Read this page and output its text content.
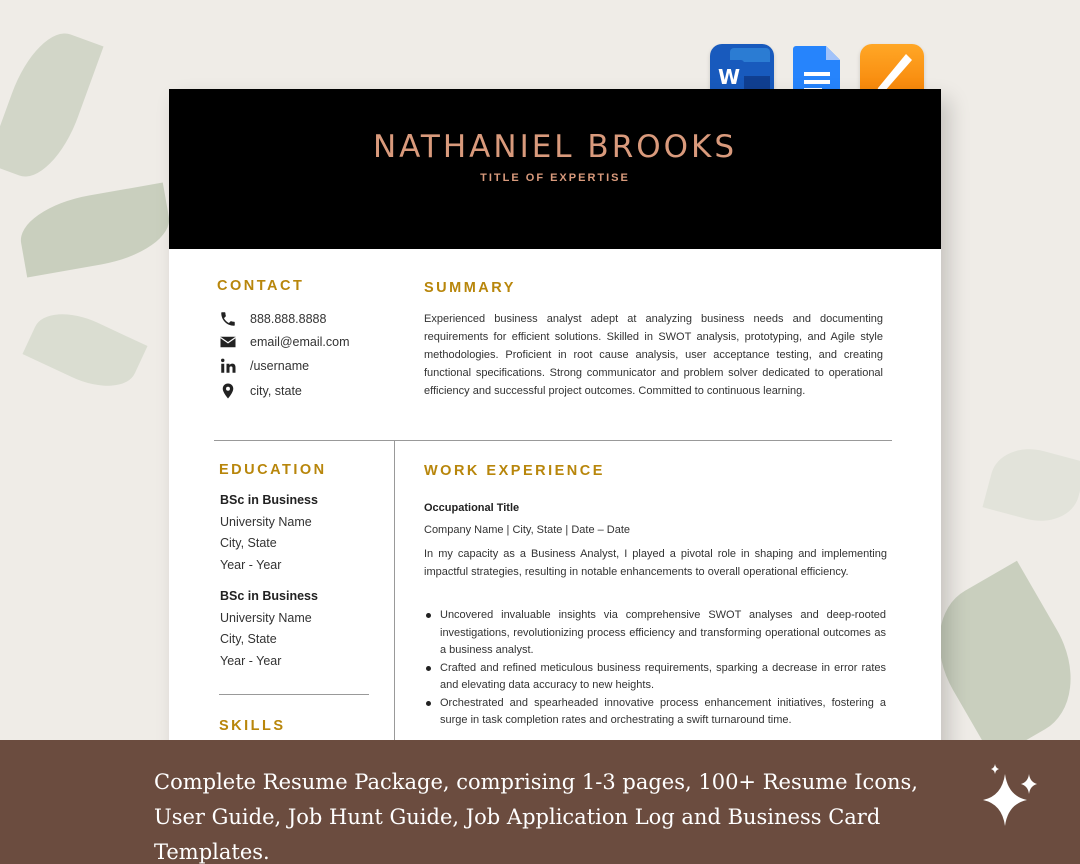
W
NATHANIEL BROOKS
TITLE OF EXPERTISE
CONTACT
888.888.8888
email@email.com
/username
city, state
SUMMARY
Experienced business analyst adept at analyzing business needs and documenting requirements for efficient solutions. Skilled in SWOT analysis, prototyping, and Agile style methodologies. Proficient in root cause analysis, user acceptance testing, and creating functional specifications. Strong communicator and problem solver dedicated to operational efficiency and successful project outcomes. Committed to continuous learning.
EDUCATION
BSc in Business
University Name
City, State
Year - Year
BSc in Business
University Name
City, State
Year - Year
SKILLS
WORK EXPERIENCE
Occupational Title
Company Name | City, State | Date – Date
In my capacity as a Business Analyst, I played a pivotal role in shaping and implementing impactful strategies, resulting in notable enhancements to overall operational efficiency.
Uncovered invaluable insights via comprehensive SWOT analyses and deep-rooted investigations, revolutionizing process efficiency and transforming operational outcomes as a business analyst.
Crafted and refined meticulous business requirements, sparking a decrease in error rates and elevating data accuracy to new heights.
Orchestrated and spearheaded innovative process enhancement initiatives, fostering a surge in task completion rates and orchestrating a swift turnaround time.
Complete Resume Package, comprising 1-3 pages, 100+ Resume Icons, User Guide, Job Hunt Guide, Job Application Log and Business Card Templates.
